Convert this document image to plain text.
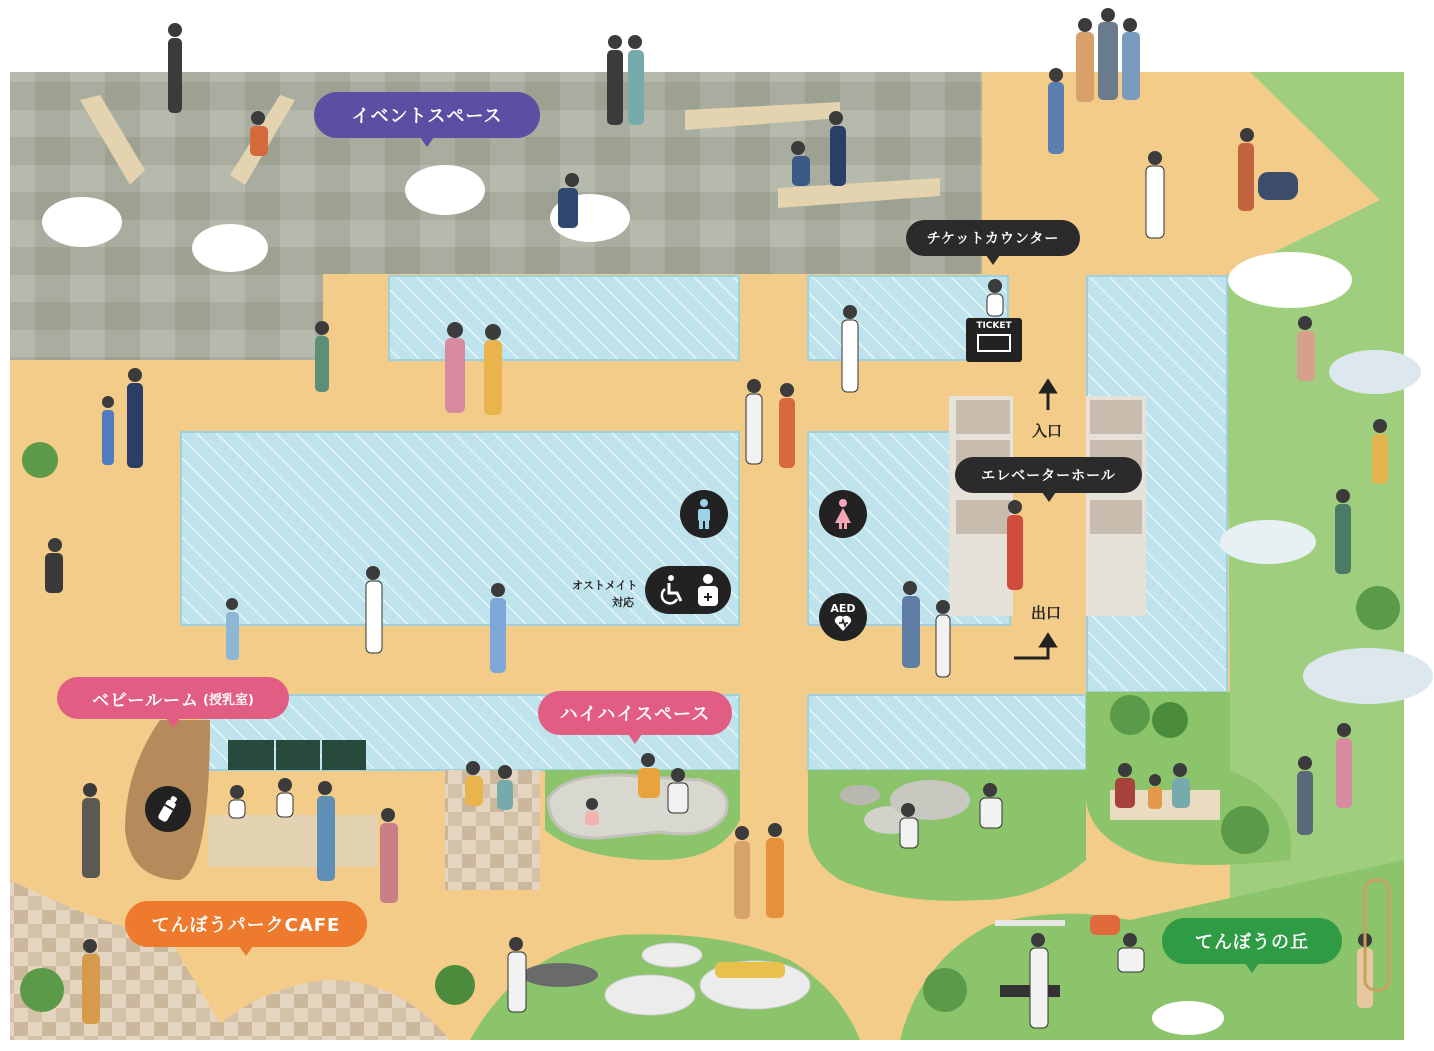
イベントスペース
チケットカウンター
エレベーターホール
ベビールーム (授乳室)
ハイハイスペース
てんぼうパークCAFE
てんぼうの丘
入口
出口
TICKET
オストメイト
対応	AED
